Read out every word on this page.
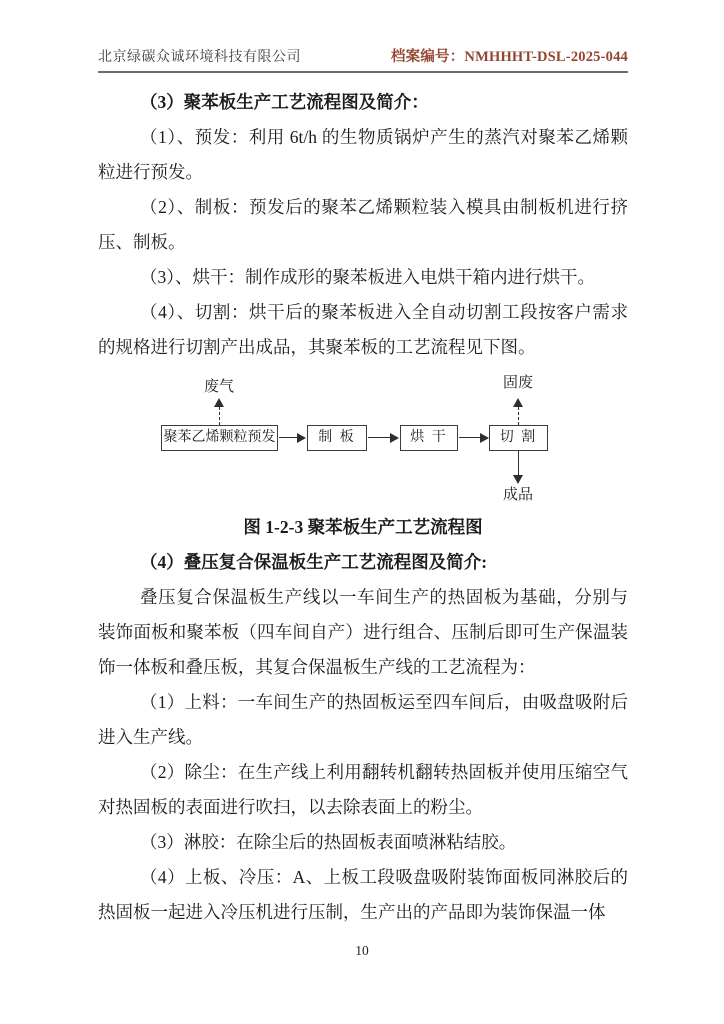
北京绿碳众诚环境科技有限公司	档案编号：NMHHHT-DSL-2025-044

（3）聚苯板生产工艺流程图及简介：

（1）、预发：利用 6t/h 的生物质锅炉产生的蒸汽对聚苯乙烯颗粒进行预发。

（2）、制板：预发后的聚苯乙烯颗粒装入模具由制板机进行挤压、制板。

（3）、烘干：制作成形的聚苯板进入电烘干箱内进行烘干。

（4）、切割：烘干后的聚苯板进入全自动切割工段按客户需求的规格进行切割产出成品，其聚苯板的工艺流程见下图。

废气	固废
成品
聚苯乙烯颗粒预发	制 板	烘 干	切 割

图 1-2-3 聚苯板生产工艺流程图

（4）叠压复合保温板生产工艺流程图及简介:

叠压复合保温板生产线以一车间生产的热固板为基础，分别与装饰面板和聚苯板（四车间自产）进行组合、压制后即可生产保温装饰一体板和叠压板，其复合保温板生产线的工艺流程为：

（1）上料：一车间生产的热固板运至四车间后，由吸盘吸附后进入生产线。

（2）除尘：在生产线上利用翻转机翻转热固板并使用压缩空气对热固板的表面进行吹扫，以去除表面上的粉尘。

（3）淋胶：在除尘后的热固板表面喷淋粘结胶。

（4）上板、冷压：A、上板工段吸盘吸附装饰面板同淋胶后的热固板一起进入冷压机进行压制，生产出的产品即为装饰保温一体

10
